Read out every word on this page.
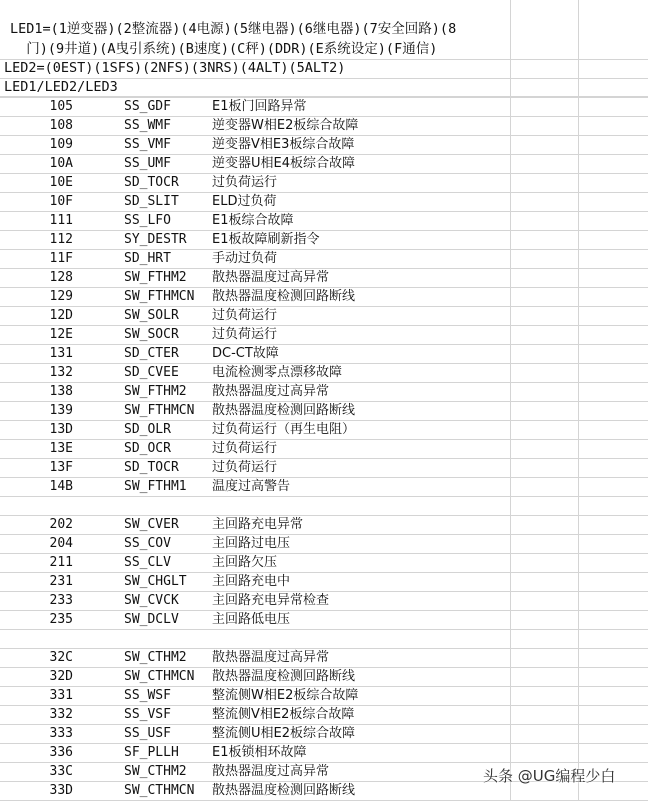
LED1=(1逆变器)(2整流器)(4电源)(5继电器)(6继电器)(7安全回路)(8
门)(9井道)(A曳引系统)(B速度)(C秤)(DDR)(E系统设定)(F通信)
LED2=(0EST)(1SFS)(2NFS)(3NRS)(4ALT)(5ALT2)
LED1/LED2/LED3
105	SS_GDF	E1板门回路异常
108	SS_WMF	逆变器W相E2板综合故障
109	SS_VMF	逆变器V相E3板综合故障
10A	SS_UMF	逆变器U相E4板综合故障
10E	SD_TOCR	过负荷运行
10F	SD_SLIT	ELD过负荷
111	SS_LFO	E1板综合故障
112	SY_DESTR E1板故障刷新指令
11F	SD_HRT	手动过负荷
128	SW_FTHM2 散热器温度过高异常
129	SW_FTHMCN 散热器温度检测回路断线
12D	SW_SOLR	过负荷运行
12E	SW_SOCR	过负荷运行
131	SD_CTER	DC-CT故障
132	SD_CVEE	电流检测零点漂移故障
138	SW_FTHM2 散热器温度过高异常
139	SW_FTHMCN 散热器温度检测回路断线
13D	SD_OLR	过负荷运行（再生电阻）
13E	SD_OCR	过负荷运行
13F	SD_TOCR	过负荷运行
14B	SW_FTHM1 温度过高警告
202	SW_CVER	主回路充电异常
204	SS_COV	主回路过电压
211	SS_CLV	主回路欠压
231	SW_CHGLT 主回路充电中
233	SW_CVCK	主回路充电异常检查
235	SW_DCLV	主回路低电压
32C	SW_CTHM2 散热器温度过高异常
32D	SW_CTHMCN 散热器温度检测回路断线
331	SS_WSF	整流侧W相E2板综合故障
332	SS_VSF	整流侧V相E2板综合故障
333	SS_USF	整流侧U相E2板综合故障
336	SF_PLLH	E1板锁相环故障
33C	SW_CTHM2 散热器温度过高异常
33D	SW_CTHMCN 散热器温度检测回路断线
头条 @UG编程少白
